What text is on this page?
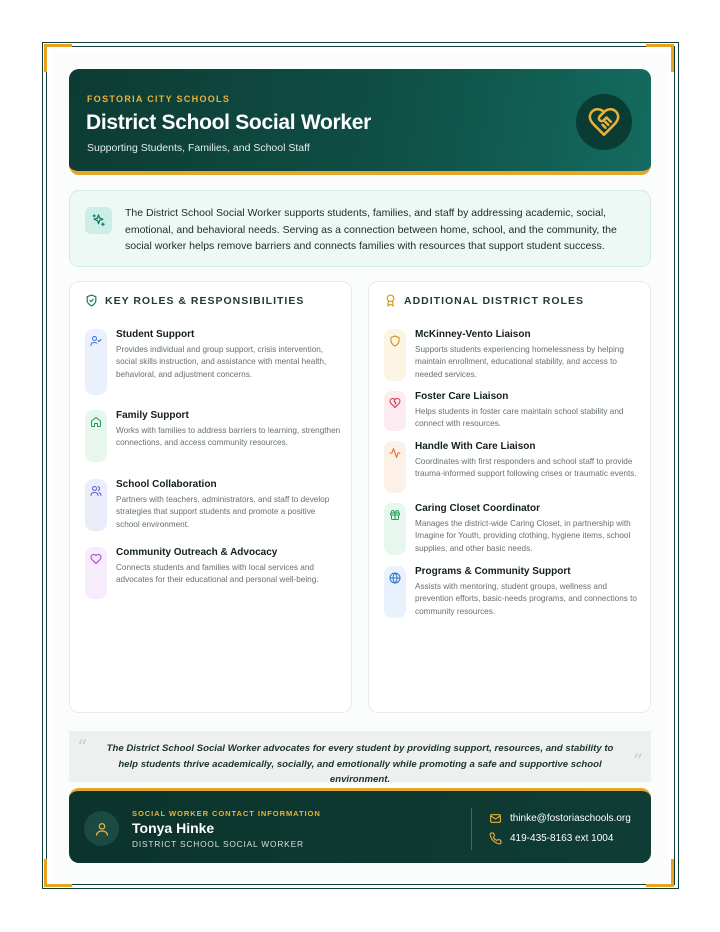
FOSTORIA CITY SCHOOLS
District School Social Worker
Supporting Students, Families, and School Staff
The District School Social Worker supports students, families, and staff by addressing academic, social, emotional, and behavioral needs. Serving as a connection between home, school, and the community, the social worker helps remove barriers and connects families with resources that support student success.
KEY ROLES & RESPONSIBILITIES
Student Support
Provides individual and group support, crisis intervention, social skills instruction, and assistance with mental health, behavioral, and adjustment concerns.
Family Support
Works with families to address barriers to learning, strengthen connections, and access community resources.
School Collaboration
Partners with teachers, administrators, and staff to develop strategies that support students and promote a positive school environment.
Community Outreach & Advocacy
Connects students and families with local services and advocates for their educational and personal well-being.
ADDITIONAL DISTRICT ROLES
McKinney-Vento Liaison
Supports students experiencing homelessness by helping maintain enrollment, educational stability, and access to needed services.
Foster Care Liaison
Helps students in foster care maintain school stability and connect with resources.
Handle With Care Liaison
Coordinates with first responders and school staff to provide trauma-informed support following crises or traumatic events.
Caring Closet Coordinator
Manages the district-wide Caring Closet, in partnership with Imagine for Youth, providing clothing, hygiene items, school supplies, and other basic needs.
Programs & Community Support
Assists with mentoring, student groups, wellness and prevention efforts, basic-needs programs, and connections to community resources.
“	The District School Social Worker advocates for every student by providing support, resources, and stability to help students thrive academically, socially, and emotionally while promoting a safe and supportive school environment.
”
SOCIAL WORKER CONTACT INFORMATION
Tonya Hinke
DISTRICT SCHOOL SOCIAL WORKER
thinke@fostoriaschools.org
419-435-8163 ext 1004
